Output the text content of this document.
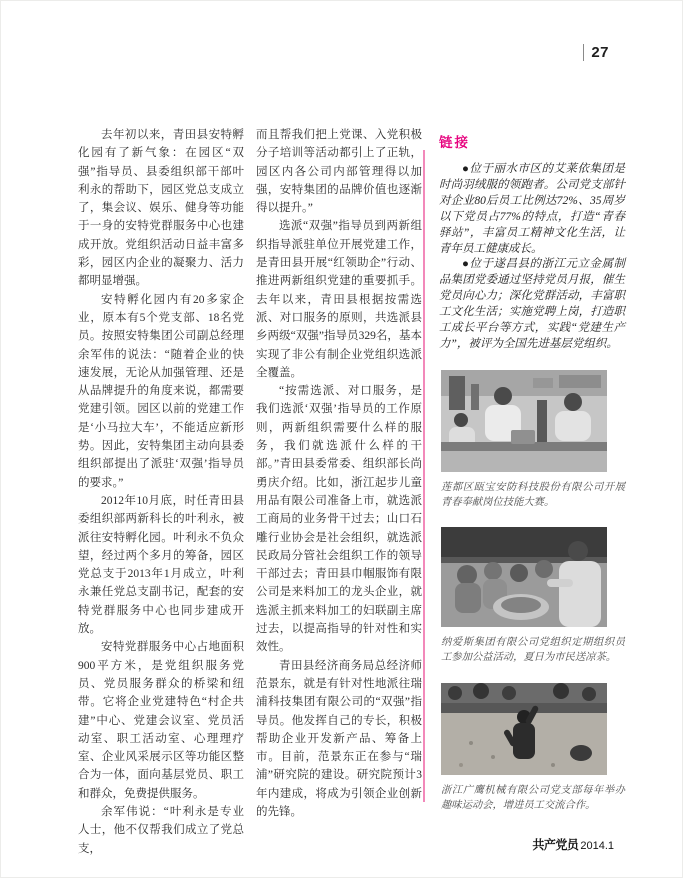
27

去年初以来，青田县安特孵化园有了新气象：在园区“双强”指导员、县委组织部干部叶利永的帮助下，园区党总支成立了，集会议、娱乐、健身等功能于一身的安特党群服务中心也建成开放。党组织活动日益丰富多彩，园区内企业的凝聚力、活力都明显增强。

安特孵化园内有20多家企业，原本有5个党支部、18名党员。按照安特集团公司副总经理余军伟的说法：“随着企业的快速发展，无论从加强管理、还是从品牌提升的角度来说，都需要党建引领。园区以前的党建工作是‘小马拉大车’，不能适应新形势。因此，安特集团主动向县委组织部提出了派驻‘双强’指导员的要求。”

2012年10月底，时任青田县委组织部两新科长的叶利永，被派往安特孵化园。叶利永不负众望，经过两个多月的筹备，园区党总支于2013年1月成立，叶利永兼任党总支副书记，配套的安特党群服务中心也同步建成开放。

安特党群服务中心占地面积900平方米，是党组织服务党员、党员服务群众的桥梁和纽带。它将企业党建特色“村企共建”中心、党建会议室、党员活动室、职工活动室、心理理疗室、企业风采展示区等功能区整合为一体，面向基层党员、职工和群众，免费提供服务。

余军伟说：“叶利永是专业人士，他不仅帮我们成立了党总支，

而且帮我们把上党课、入党积极分子培训等活动都引上了正轨，园区内各公司内部管理得以加强，安特集团的品牌价值也逐渐得以提升。”

选派“双强”指导员到两新组织指导派驻单位开展党建工作，是青田县开展“红领助企”行动、推进两新组织党建的重要抓手。去年以来，青田县根据按需选派、对口服务的原则，共选派县乡两级“双强”指导员329名，基本实现了非公有制企业党组织选派全覆盖。

“按需选派、对口服务，是我们选派‘双强’指导员的工作原则，两新组织需要什么样的服务，我们就选派什么样的干部。”青田县委常委、组织部长尚勇庆介绍。比如，浙江起步儿童用品有限公司准备上市，就选派工商局的业务骨干过去；山口石雕行业协会是社会组织，就选派民政局分管社会组织工作的领导干部过去；青田县巾帼服饰有限公司是来料加工的龙头企业，就选派主抓来料加工的妇联副主席过去，以提高指导的针对性和实效性。

青田县经济商务局总经济师范景东，就是有针对性地派往瑞浦科技集团有限公司的“双强”指导员。他发挥自己的专长，积极帮助企业开发新产品、筹备上市。目前，范景东正在参与“瑞浦”研究院的建设。研究院预计3年内建成，将成为引领企业创新的先锋。

链接

●位于丽水市区的艾莱依集团是时尚羽绒服的领跑者。公司党支部针对企业80后员工比例达72%、35周岁以下党员占77%的特点，打造“青春驿站”，丰富员工精神文化生活，让青年员工健康成长。

●位于遂昌县的浙江元立金属制品集团党委通过坚持党员月报，催生党员向心力；深化党群活动，丰富职工文化生活；实施党聘上岗，打造职工成长平台等方式，实践“党建生产力”，被评为全国先进基层党组织。

莲都区瓯宝安防科技股份有限公司开展青春奉献岗位技能大赛。
纳爱斯集团有限公司党组织定期组织员工参加公益活动，夏日为市民送凉茶。
浙江广鹰机械有限公司党支部每年举办趣味运动会，增进员工交流合作。
共产党员 2014.1
